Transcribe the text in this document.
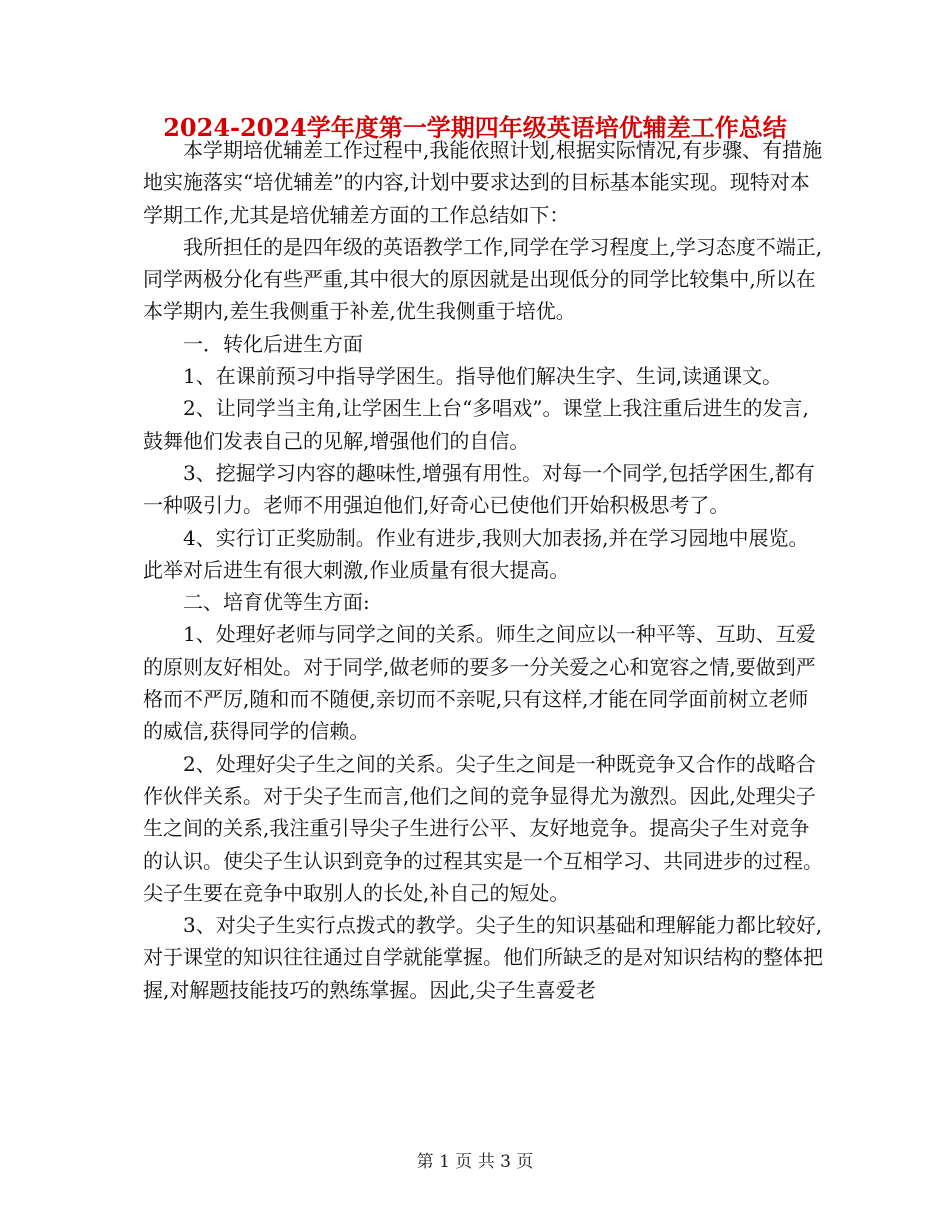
2024-2024学年度第一学期四年级英语培优辅差工作总结

本学期培优辅差工作过程中,我能依照计划,根据实际情况,有步骤、有措施地实施落实“培优辅差”的内容,计划中要求达到的目标基本能实现。现特对本学期工作,尤其是培优辅差方面的工作总结如下：

我所担任的是四年级的英语教学工作,同学在学习程度上,学习态度不端正,同学两极分化有些严重,其中很大的原因就是出现低分的同学比较集中,所以在本学期内,差生我侧重于补差,优生我侧重于培优。

一．转化后进生方面

1、在课前预习中指导学困生。指导他们解决生字、生词,读通课文。

2、让同学当主角,让学困生上台“多唱戏”。课堂上我注重后进生的发言,鼓舞他们发表自己的见解,增强他们的自信。

3、挖掘学习内容的趣味性,增强有用性。对每一个同学,包括学困生,都有一种吸引力。老师不用强迫他们,好奇心已使他们开始积极思考了。

4、实行订正奖励制。作业有进步,我则大加表扬,并在学习园地中展览。此举对后进生有很大刺激,作业质量有很大提高。

二、培育优等生方面:

1、处理好老师与同学之间的关系。师生之间应以一种平等、互助、互爱的原则友好相处。对于同学,做老师的要多一分关爱之心和宽容之情,要做到严格而不严厉,随和而不随便,亲切而不亲呢,只有这样,才能在同学面前树立老师的威信,获得同学的信赖。

2、处理好尖子生之间的关系。尖子生之间是一种既竞争又合作的战略合作伙伴关系。对于尖子生而言,他们之间的竞争显得尤为激烈。因此,处理尖子生之间的关系,我注重引导尖子生进行公平、友好地竞争。提高尖子生对竞争的认识。使尖子生认识到竞争的过程其实是一个互相学习、共同进步的过程。尖子生要在竞争中取别人的长处,补自己的短处。

3、对尖子生实行点拨式的教学。尖子生的知识基础和理解能力都比较好,对于课堂的知识往往通过自学就能掌握。他们所缺乏的是对知识结构的整体把握,对解题技能技巧的熟练掌握。因此,尖子生喜爱老

第 1 页 共 3 页
